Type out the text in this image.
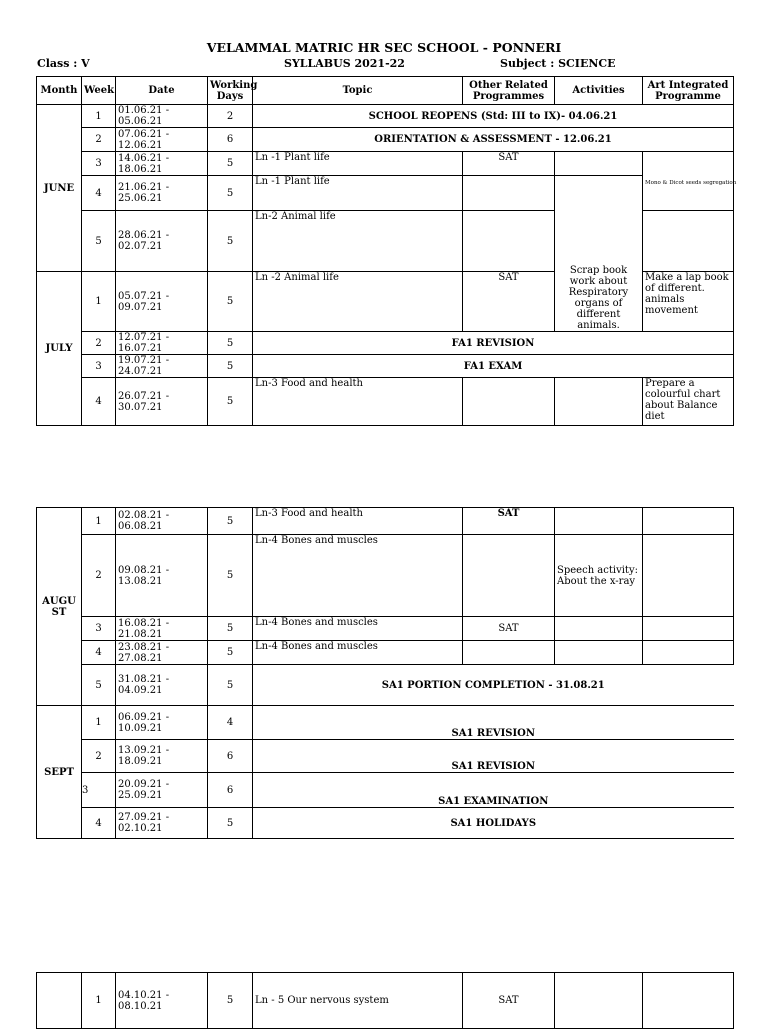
VELAMMAL MATRIC HR SEC SCHOOL - PONNERI
Class : V	SYLLABUS 2021-22	Subject : SCIENCE
Month	Week	Date	Working Days	Topic	Other Related Programmes	Activities	Art Integrated Programme
JUNE	1	01.06.21 - 05.06.21	2	SCHOOL REOPENS (Std: III to IX)- 04.06.21			
	2	07.06.21 - 12.06.21	6	ORIENTATION & ASSESSMENT - 12.06.21			
	3	14.06.21 - 18.06.21	5	Ln -1 Plant life	SAT		Mono & Dicot seeds segregation
	4	21.06.21 - 25.06.21	5	Ln -1 Plant life		Scrap book work about Respiratory organs of different animals.	
	5	28.06.21 - 02.07.21	5	Ln-2 Animal life			
JULY	1	05.07.21 - 09.07.21	5	Ln -2 Animal life	SAT		Make a lap book of different. animals movement
	2	12.07.21 - 16.07.21	5	FA1 REVISION			
	3	19.07.21 - 24.07.21	5	FA1 EXAM			
	4	26.07.21 - 30.07.21	5	Ln-3 Food and health			Prepare a colourful chart about Balance diet
AUGU ST	1	02.08.21 - 06.08.21	5	Ln-3 Food and health	SAT		
	2	09.08.21 - 13.08.21	5	Ln-4 Bones and muscles		Speech activity: About the x-ray	
	3	16.08.21 - 21.08.21	5	Ln-4 Bones and muscles	SAT		
	4	23.08.21 - 27.08.21	5	Ln-4 Bones and muscles			
	5	31.08.21 - 04.09.21	5	SA1 PORTION COMPLETION - 31.08.21			
SEPT	1	06.09.21 - 10.09.21	4	SA1 REVISION			
	2	13.09.21 - 18.09.21	6	SA1 REVISION			
	3	20.09.21 - 25.09.21	6	SA1 EXAMINATION			
	4	27.09.21 - 02.10.21	5	SA1 HOLIDAYS			
	1	04.10.21 - 08.10.21	5	Ln - 5 Our nervous system	SAT		
